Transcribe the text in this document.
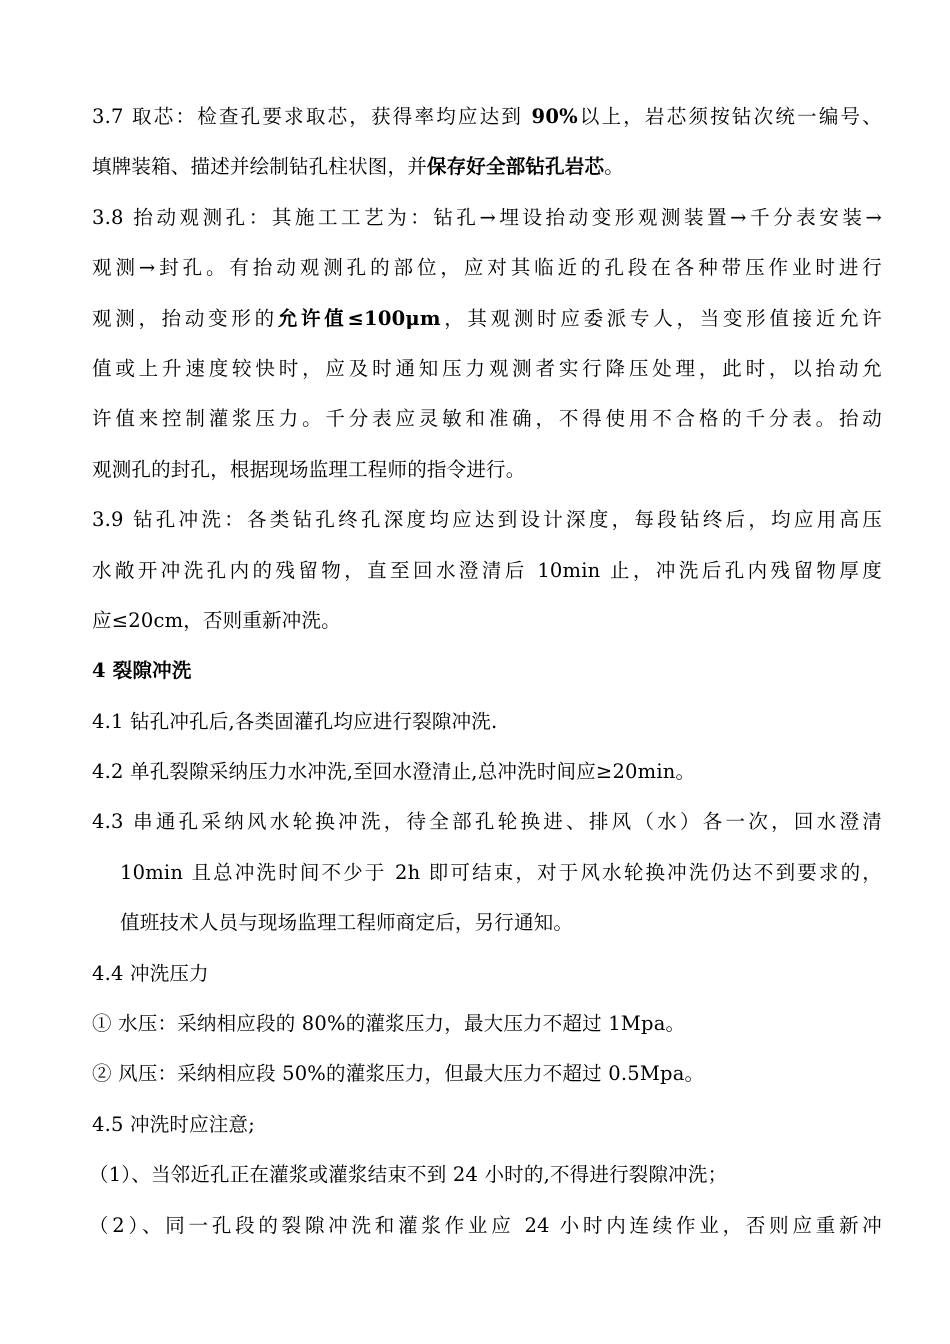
3.7 取芯：检查孔要求取芯，获得率均应达到 90%以上，岩芯须按钻次统一编号、
填牌装箱、描述并绘制钻孔柱状图，并保存好全部钻孔岩芯。
3.8 抬动观测孔：其施工工艺为：钻孔→埋设抬动变形观测装置→千分表安装→
观测→封孔。有抬动观测孔的部位，应对其临近的孔段在各种带压作业时进行
观测，抬动变形的允许值≤100μm，其观测时应委派专人，当变形值接近允许
值或上升速度较快时，应及时通知压力观测者实行降压处理，此时，以抬动允
许值来控制灌浆压力。千分表应灵敏和准确，不得使用不合格的千分表。抬动
观测孔的封孔，根据现场监理工程师的指令进行。
3.9 钻孔冲洗：各类钻孔终孔深度均应达到设计深度，每段钻终后，均应用高压
水敞开冲洗孔内的残留物，直至回水澄清后 10min 止，冲洗后孔内残留物厚度
应≤20cm，否则重新冲洗。
4 裂隙冲洗
4.1 钻孔冲孔后,各类固灌孔均应进行裂隙冲洗.
4.2 单孔裂隙采纳压力水冲洗,至回水澄清止,总冲洗时间应≥20min。
4.3 串通孔采纳风水轮换冲洗，待全部孔轮换进、排风（水）各一次，回水澄清
10min 且总冲洗时间不少于 2h 即可结束，对于风水轮换冲洗仍达不到要求的，
值班技术人员与现场监理工程师商定后，另行通知。
4.4 冲洗压力
① 水压：采纳相应段的 80%的灌浆压力，最大压力不超过 1Mpa。
② 风压：采纳相应段 50%的灌浆压力，但最大压力不超过 0.5Mpa。
4.5 冲洗时应注意;
（1）、当邻近孔正在灌浆或灌浆结束不到 24 小时的,不得进行裂隙冲洗；
（2）、同一孔段的裂隙冲洗和灌浆作业应 24 小时内连续作业，否则应重新冲
